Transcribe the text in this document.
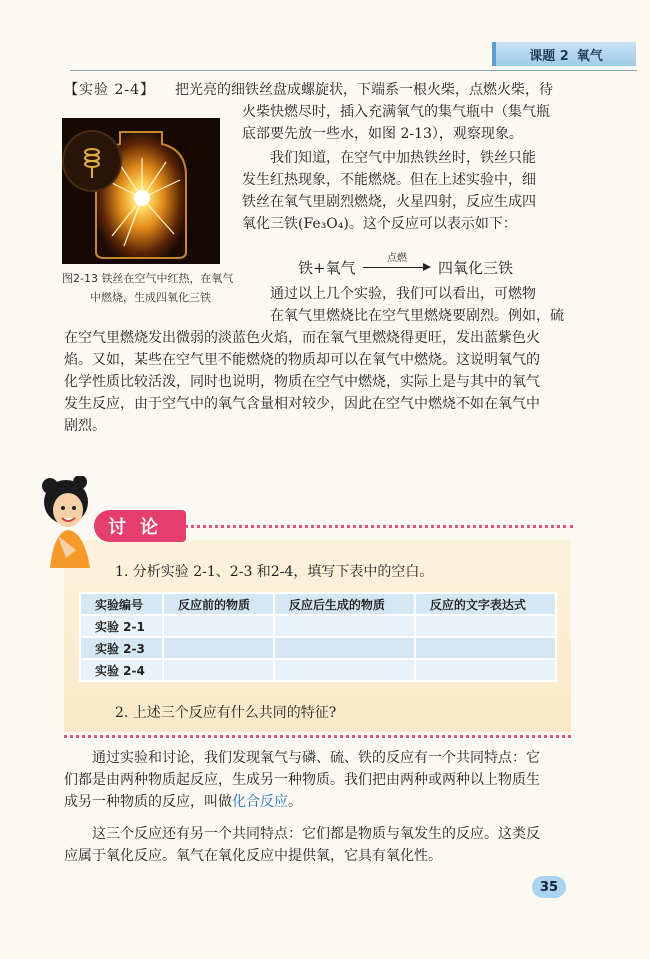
课题 2 氧气
【实验 2-4】 把光亮的细铁丝盘成螺旋状，下端系一根火柴，点燃火柴，待

火柴快燃尽时，插入充满氧气的集气瓶中（集气瓶

底部要先放一些水，如图 2-13），观察现象。

图2-13 铁丝在空气中红热，在氧气
中燃烧，生成四氧化三铁

我们知道，在空气中加热铁丝时，铁丝只能

发生红热现象，不能燃烧。但在上述实验中，细

铁丝在氧气里剧烈燃烧，火星四射，反应生成四

氧化三铁(Fe₃O₄)。这个反应可以表示如下：

铁+氧气
点燃
四氧化三铁

通过以上几个实验，我们可以看出，可燃物

在氧气里燃烧比在空气里燃烧要剧烈。例如，硫

在空气里燃烧发出微弱的淡蓝色火焰，而在氧气里燃烧得更旺，发出蓝紫色火

焰。又如，某些在空气里不能燃烧的物质却可以在氧气中燃烧。这说明氧气的

化学性质比较活泼，同时也说明，物质在空气中燃烧，实际上是与其中的氧气

发生反应，由于空气中的氧气含量相对较少，因此在空气中燃烧不如在氧气中

剧烈。

讨论
1. 分析实验 2-1、2-3 和2-4，填写下表中的空白。
实验编号	反应前的物质	反应后生成的物质	反应的文字表达式
实验 2-1			
实验 2-3			
实验 2-4			
2. 上述三个反应有什么共同的特征?

通过实验和讨论，我们发现氧气与磷、硫、铁的反应有一个共同特点：它

们都是由两种物质起反应，生成另一种物质。我们把由两种或两种以上物质生

成另一种物质的反应，叫做化合反应。

这三个反应还有另一个共同特点：它们都是物质与氧发生的反应。这类反

应属于氧化反应。氧气在氧化反应中提供氧，它具有氧化性。

35
